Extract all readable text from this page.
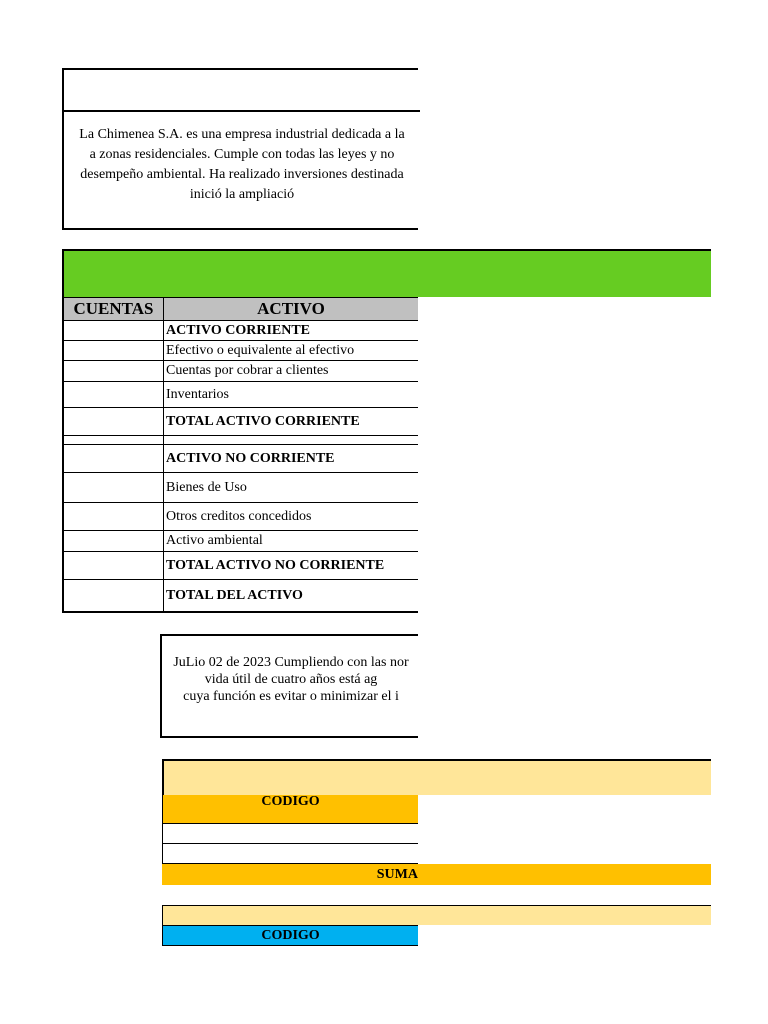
La Chimenea S.A. es una empresa industrial dedicada a la
a zonas residenciales. Cumple con todas las leyes y no
desempeño ambiental. Ha realizado inversiones destinada
inició la ampliació
CUENTAS	ACTIVO
ACTIVO CORRIENTE
Efectivo o equivalente al efectivo
Cuentas por cobrar a clientes
Inventarios
TOTAL ACTIVO CORRIENTE
ACTIVO NO CORRIENTE
Bienes de Uso
Otros creditos concedidos
Activo ambiental
TOTAL ACTIVO NO CORRIENTE
TOTAL DEL ACTIVO
JuLio 02 de 2023 Cumpliendo con las nor
vida útil de cuatro años está ag
cuya función es evitar o minimizar el i
CODIGO
SUMA
CODIGO
